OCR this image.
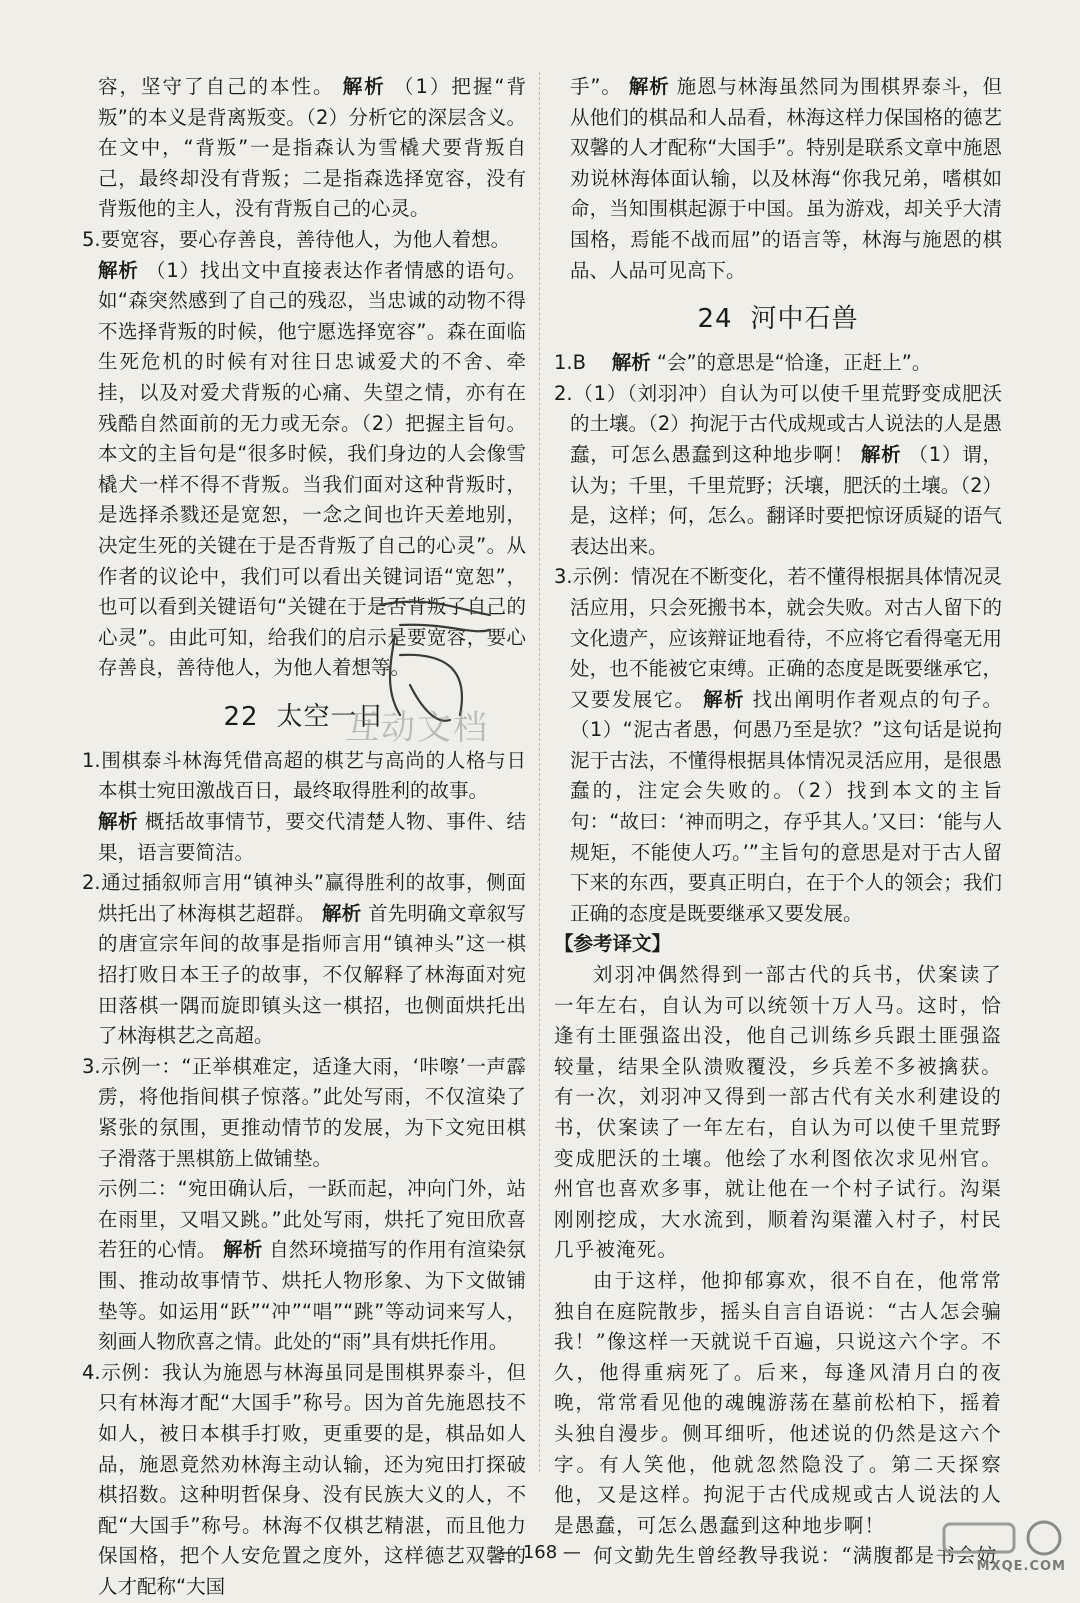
容，坚守了自己的本性。 解析 （1）把握“背叛”的本义是背离叛变。（2）分析它的深层含义。在文中，“背叛”一是指森认为雪橇犬要背叛自己，最终却没有背叛；二是指森选择宽容，没有背叛他的主人，没有背叛自己的心灵。

5.要宽容，要心存善良，善待他人，为他人着想。

解析 （1）找出文中直接表达作者情感的语句。如“森突然感到了自己的残忍，当忠诚的动物不得不选择背叛的时候，他宁愿选择宽容”。森在面临生死危机的时候有对往日忠诚爱犬的不舍、牵挂，以及对爱犬背叛的心痛、失望之情，亦有在残酷自然面前的无力或无奈。（2）把握主旨句。本文的主旨句是“很多时候，我们身边的人会像雪橇犬一样不得不背叛。当我们面对这种背叛时，是选择杀戮还是宽恕，一念之间也许天差地别，决定生死的关键在于是否背叛了自己的心灵”。从作者的议论中，我们可以看出关键词语“宽恕”，也可以看到关键语句“关键在于是否背叛了自己的心灵”。由此可知，给我们的启示是要宽容，要心存善良，善待他人，为他人着想等。

22 太空一日

1.围棋泰斗林海凭借高超的棋艺与高尚的人格与日本棋士宛田激战百日，最终取得胜利的故事。

解析 概括故事情节，要交代清楚人物、事件、结果，语言要简洁。

2.通过插叙师言用“镇神头”赢得胜利的故事，侧面烘托出了林海棋艺超群。 解析 首先明确文章叙写的唐宣宗年间的故事是指师言用“镇神头”这一棋招打败日本王子的故事，不仅解释了林海面对宛田落棋一隅而旋即镇头这一棋招，也侧面烘托出了林海棋艺之高超。

3.示例一：“正举棋难定，适逢大雨，‘咔嚓’一声霹雳，将他指间棋子惊落。”此处写雨，不仅渲染了紧张的氛围，更推动情节的发展，为下文宛田棋子滑落于黑棋筋上做铺垫。

示例二：“宛田确认后，一跃而起，冲向门外，站在雨里，又唱又跳。”此处写雨，烘托了宛田欣喜若狂的心情。 解析 自然环境描写的作用有渲染氛围、推动故事情节、烘托人物形象、为下文做铺垫等。如运用“跃”“冲”“唱”“跳”等动词来写人，刻画人物欣喜之情。此处的“雨”具有烘托作用。

4.示例：我认为施恩与林海虽同是围棋界泰斗，但只有林海才配“大国手”称号。因为首先施恩技不如人，被日本棋手打败，更重要的是，棋品如人品，施恩竟然劝林海主动认输，还为宛田打探破棋招数。这种明哲保身、没有民族大义的人，不配“大国手”称号。林海不仅棋艺精湛，而且他力保国格，把个人安危置之度外，这样德艺双馨的人才配称“大国

手”。 解析 施恩与林海虽然同为围棋界泰斗，但从他们的棋品和人品看，林海这样力保国格的德艺双馨的人才配称“大国手”。特别是联系文章中施恩劝说林海体面认输，以及林海“你我兄弟，嗜棋如命，当知围棋起源于中国。虽为游戏，却关乎大清国格，焉能不战而屈”的语言等，林海与施恩的棋品、人品可见高下。

24 河中石兽

1.B　 解析 “会”的意思是“恰逢，正赶上”。

2.（1）（刘羽冲）自认为可以使千里荒野变成肥沃的土壤。（2）拘泥于古代成规或古人说法的人是愚蠢，可怎么愚蠢到这种地步啊！ 解析 （1）谓，认为；千里，千里荒野；沃壤，肥沃的土壤。（2）是，这样；何，怎么。翻译时要把惊讶质疑的语气表达出来。

3.示例：情况在不断变化，若不懂得根据具体情况灵活应用，只会死搬书本，就会失败。对古人留下的文化遗产，应该辩证地看待，不应将它看得毫无用处，也不能被它束缚。正确的态度是既要继承它，又要发展它。 解析 找出阐明作者观点的句子。（1）“泥古者愚，何愚乃至是欤？”这句话是说拘泥于古法，不懂得根据具体情况灵活应用，是很愚蠢的，注定会失败的。（2）找到本文的主旨句：“故曰：‘神而明之，存乎其人。’又曰：‘能与人规矩，不能使人巧。’”主旨句的意思是对于古人留下来的东西，要真正明白，在于个人的领会；我们正确的态度是既要继承又要发展。

【参考译文】

刘羽冲偶然得到一部古代的兵书，伏案读了一年左右，自认为可以统领十万人马。这时，恰逢有土匪强盗出没，他自己训练乡兵跟土匪强盗较量，结果全队溃败覆没，乡兵差不多被擒获。有一次，刘羽冲又得到一部古代有关水利建设的书，伏案读了一年左右，自认为可以使千里荒野变成肥沃的土壤。他绘了水利图依次求见州官。州官也喜欢多事，就让他在一个村子试行。沟渠刚刚挖成，大水流到，顺着沟渠灌入村子，村民几乎被淹死。

由于这样，他抑郁寡欢，很不自在，他常常独自在庭院散步，摇头自言自语说：“古人怎会骗我！”像这样一天就说千百遍，只说这六个字。不久，他得重病死了。后来，每逢风清月白的夜晚，常常看见他的魂魄游荡在墓前松柏下，摇着头独自漫步。侧耳细听，他述说的仍然是这六个字。有人笑他，他就忽然隐没了。第二天探察他，又是这样。拘泥于古代成规或古人说法的人是愚蠢，可怎么愚蠢到这种地步啊！

何文勤先生曾经教导我说：“满腹都是书会妨

互动文档
— 168 —
MXQE.COM
